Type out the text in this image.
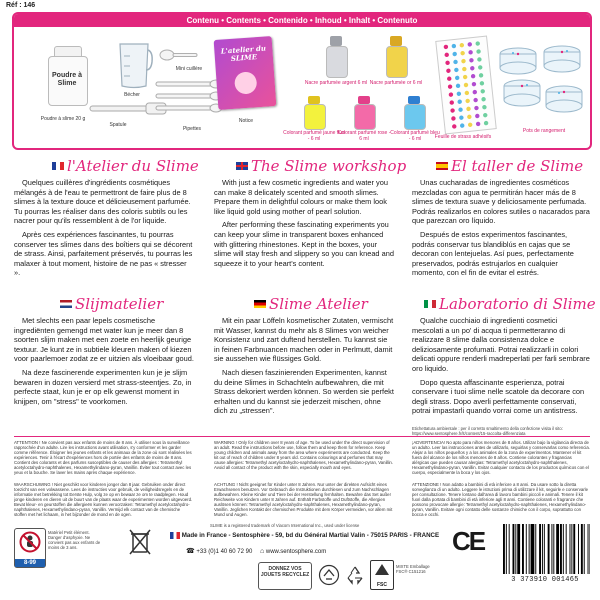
Réf : 146
Contenu • Contents • Contenido • Inhoud • Inhalt • Contenuto
Poudre à Slime
Poudre à slime 20 g
Mini cuillère
Bécher
Spatule
Pipettes
L'atelier du SLIME
Notice
Nacre parfumée argent 6 ml Nacre parfumée or 6 ml
Colorant parfumé jaune fluo - 6 ml
Colorant parfumé rose - 6 ml
Colorant parfumé bleu - 6 ml	Feuille de strass adhésifs
Pots de rangement
l'Atelier du Slime

Quelques cuillères d'ingrédients cosmétiques mélangés à de l'eau te permettront de faire plus de 8 slimes à la texture douce et délicieusement parfumée. Tu pourras les réaliser dans des coloris subtils ou les nacrer pour qu'ils ressemblent à de l'or liquide.

Après ces expériences fascinantes, tu pourras conserver tes slimes dans des boîtiers qui se décorent de strass. Ainsi, parfaitement préservés, tu pourras les malaxer à tout moment, histoire de ne pas « stresser ».

Slijmatelier

Met slechts een paar lepels cosmetische ingrediënten gemengd met water kun je meer dan 8 soorten slijm maken met een zoete en heerlijk geurige textuur. Je kunt ze in subtiele kleuren maken of kiezen voor paarlemoer zodat ze er uitzien als vloeibaar goud.

Na deze fascinerende experimenten kun je je slijm bewaren in dozen versierd met strass-steentjes. Zo, in perfecte staat, kun je er op elk gewenst moment in knijpen, om "stress" te voorkomen.

The Slime workshop

With just a few cosmetic ingredients and water you can make 8 delicately scented and smooth slimes. Prepare them in delightful colours or make them look like liquid gold using mother of pearl solution.

After performing these fascinating experiments you can keep your slime in transparent boxes enhanced with glittering rhinestones. Kept in the boxes, your slime will stay fresh and slippery so you can knead and squeeze it to your heart's content.

Slime Atelier

Mit ein paar Löffeln kosmetischer Zutaten, vermischt mit Wasser, kannst du mehr als 8 Slimes von weicher Konsistenz und zart duftend herstellen. Tu kannst sie in feinen Farbnuancen machen oder in Perlmutt, damit sie aussehen wie flüssiges Gold.

Nach diesen faszinierenden Experimenten, kannst du deine Slimes in Schachteln aufbewahren, die mit Strass dekoriert werden können. So werden sie perfekt erhalten und du kannst sie jederzeit mischen, ohne dich zu „stressen".

El taller de Slime

Unas cucharadas de ingredientes cosméticos mezcladas con agua te permitirán hacer más de 8 slimes de textura suave y deliciosamente perfumada. Podrás realizarlos en colores sutiles o nacarados para que parezcan oro líquido.

Después de estos experimentos fascinantes, podrás conservar tus blandiblús en cajas que se decoran con lentejuelas. Así pues, perfectamente preservados, podrás estrujarlos en cualquier momento, con el fin de evitar el estrés.

Laboratorio di Slime

Qualche cucchiaio di ingredienti cosmetici mescolati a un po' di acqua ti permetteranno di realizzare 8 slime dalla consistenza dolce e deliziosamente profumati. Potrai realizzarli in colori delicati oppure renderli madreperlati per farli sembrare oro liquido.

Dopo questa affascinante esperienza, potrai conservare i tuoi slime nelle scatole da decorare con degli strass. Dopo averli perfettamente conservati, potrai impastarli quando vorrai come un antistress.

Etichettatura ambientale : per il corretto smaltimento della confezione visita il sito: https://www.sentosphere.fr/it/content/15-raccolta-differenziata
ATTENTION ! Ne convient pas aux enfants de moins de 8 ans. À utiliser sous la surveillance rapprochée d'un adulte. Lire les instructions avant utilisation, s'y conformer et les garder comme référence. Éloigner les jeunes enfants et les animaux de la zone où sont réalisées les expériences. Tenir à l'écart d'expériences hors de portée des enfants de moins de 8 ans. Contient des colorants et des parfums susceptibles de causer des allergies : Tetramethyl acetyloctahydro-naphthalenes, Hexamethylindano-pyran, Vanillin. Éviter tout contact avec les yeux et la bouche. Se laver les mains après chaque expérience.
WAARSCHUWING ! Niet geschikt voor kinderen jonger dan 8 jaar. Gebruiken onder direct toezicht van een volwassene. Lees de instructies voor gebruik, de veiligheidsregels en de informatie met betrekking tot Eerste Hulp, volg ze op en bewaar ze om te raadplegen. Houd jonge kinderen en dieren uit de buurt van de plaats waar de experimenten worden uitgevoerd. Bevat kleur- en geurstoffen die allergieën kunnen veroorzaken: Tetramethyl acetyloctahydro-naphthalenes, Hexamethylindano-pyran, Vanillin. Vermijd elk contact van de chemische stoffen met het lichaam, in het bijzonder de mond en de ogen.
WARNING ! Only for children over 8 years of age. To be used under the direct supervision of an adult. Read the instructions before use, follow them and keep them for reference. Keep young children and animals away from the area where experiments are conducted. Keep the kit out of reach of children under 8 years old. Contains colourings and perfumes that may cause allergies: Tetramethyl acetyloctahydro-naphthalenes, Hexamethylindano-pyran, Vanillin. Avoid all contact of the product with the skin, especially mouth and eyes.
ACHTUNG ! Nicht geeignet für Kinder unter 8 Jahren. Nur unter der direkten Aufsicht eines Erwachsenen benutzen. Vor Gebrauch die Instruktionen durchlesen und zum Nachschlagen aufbewahren. Kleine Kinder und Tiere bei der Herstellung fernhalten. Bewahre das Set außer Reichweite von Kindern unter 8 Jahren auf. Enthält Farbstoffe und Duftstoffe, die Allergien auslösen können: Tetramethyl acetyloctahydro-naphthalenes, Hexamethylindano-pyran, Vanillin. Jeglichen Kontakt der chemischen Produkte mit dem Körper vermeiden, vor allem mit Mund und Augen.
¡ADVERTENCIA! No apto para niños menores de 8 años. Utilizar bajo la vigilancia directa de un adulto. Leer las instrucciones antes de utilizarlo, seguirlas y conservarlas como referencia. Alejar a los niños pequeños y a los animales de la zona de experimentos. Mantener el kit fuera del alcance de los niños menores de 8 años. Contiene colorantes y fragancias alérgicas que pueden causar alergias: Tetramethyl acetyloctahydro-naphthalenes, Hexamethylindano-pyran, Vanillin. Evitar cualquier contacto de los productos químicos con el cuerpo, especialmente la boca y los ojos.
ATTENZIONE ! Non adatto a bambini di età inferiore a 8 anni. Da usare sotto la diretta sorveglianza di un adulto. Leggere le istruzioni prima di utilizzare il kit, seguirle e conservarle per consultazione. Tenere lontano dall'area di lavoro bambini piccoli e animali. Tenere il kit fuori dalla portata di bambini di età inferiore agli 8 anni. Contiene coloranti e fragranze che possono provocare allergie: Tetramethyl acetyloctahydro-naphthalenes, Hexamethylindano-pyran, Vanillin. Evitare ogni contatto delle sostanze chimiche con il corpo, soprattutto con bocca e occhi.
8-99
Matériel Petit élément. Danger d'asphyxie. Ne convient pas aux enfants de moins de 3 ans.
SLIME is a registered trademark of Viacom International Inc., used under license
Made in France - Sentosphère - 59, bd du Général Martial Valin - 75015 PARIS - FRANCE
☎ +33 (0)1 40 60 72 90 ⌂ www.sentosphere.com
DONNEZ VOS JOUETS RECYCLEZ
FSC
MIXTE Emballage FSC® C151216
CE
3 373910 001465
